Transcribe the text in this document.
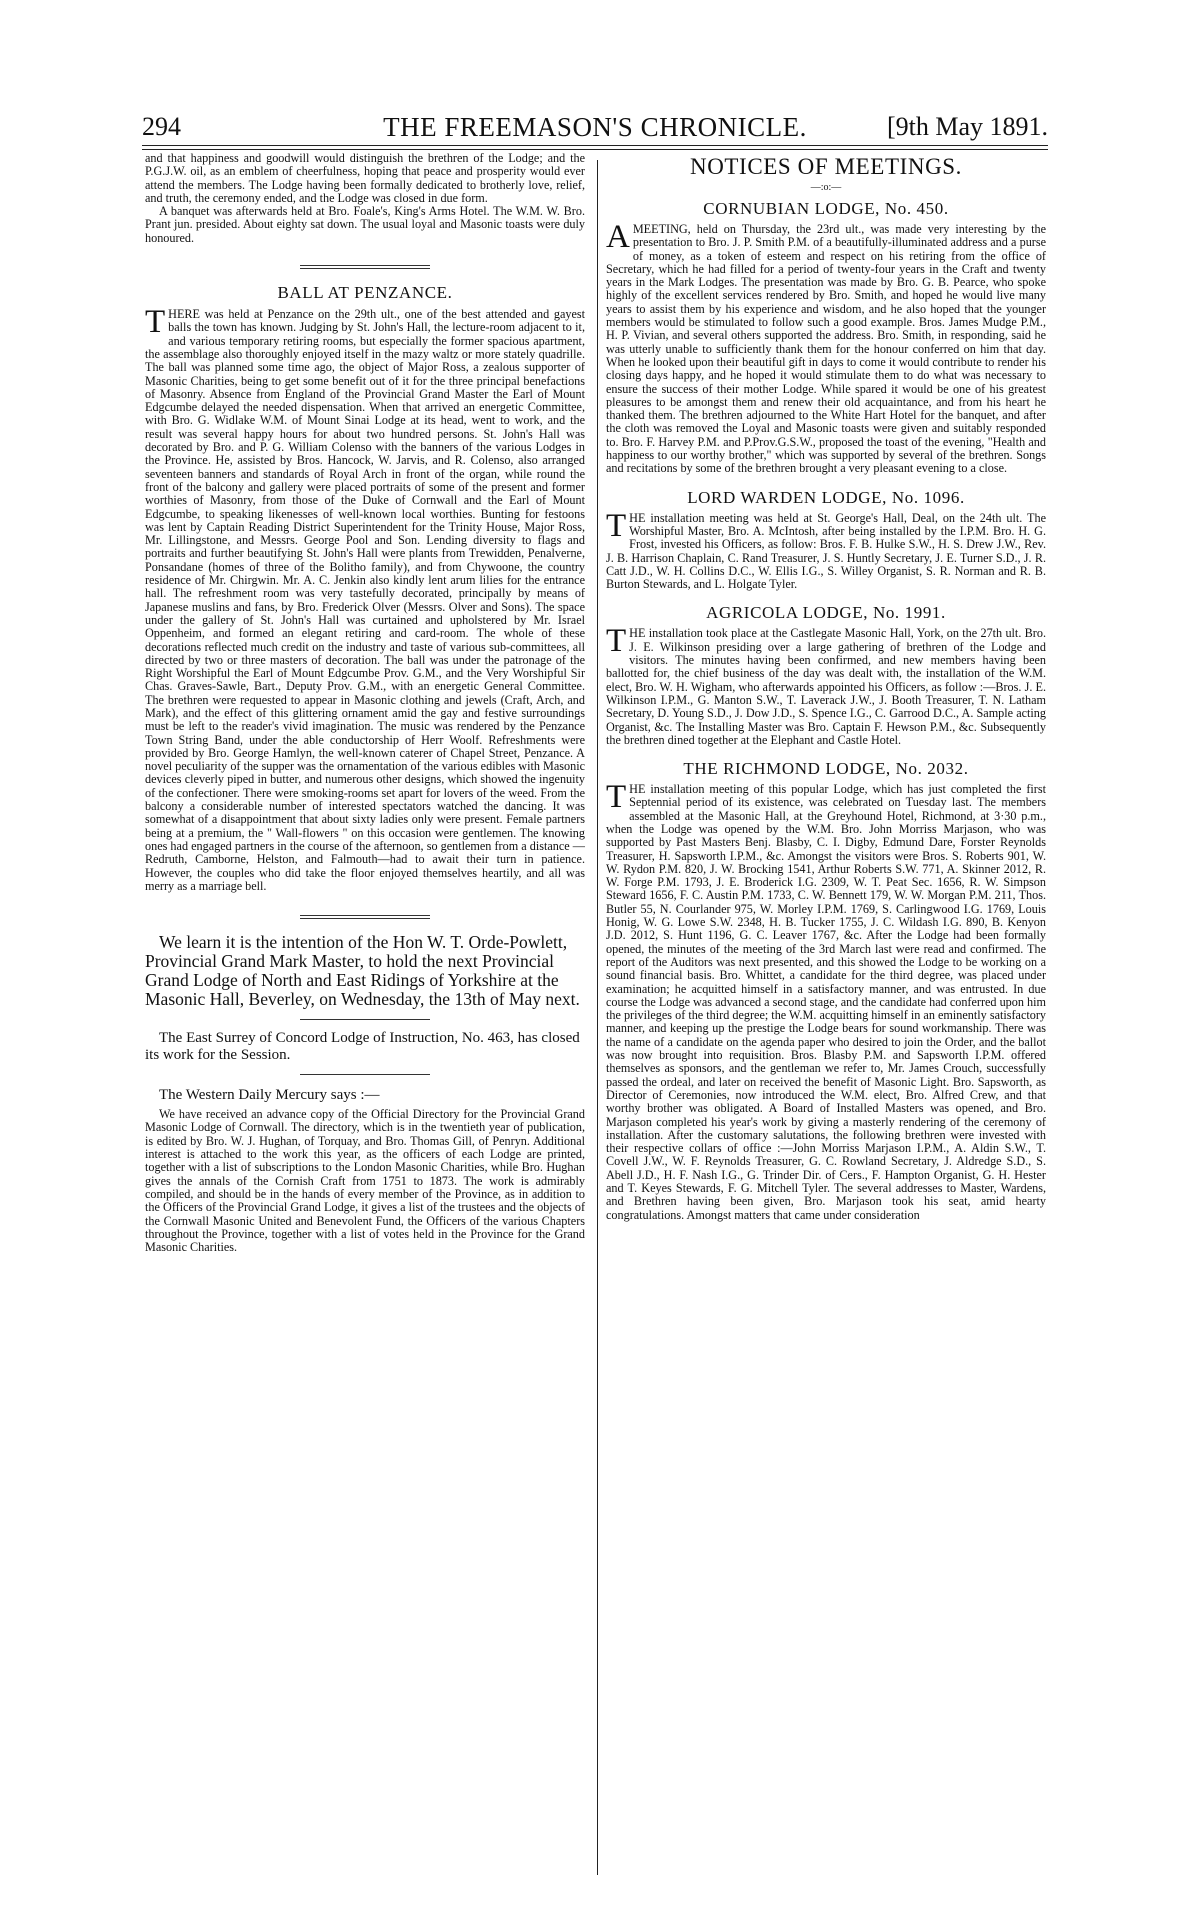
294	THE FREEMASON'S CHRONICLE.	[9th May 1891.

and that happiness and goodwill would distinguish the brethren of the Lodge; and the P.G.J.W. oil, as an emblem of cheerfulness, hoping that peace and prosperity would ever attend the members. The Lodge having been formally dedicated to brotherly love, relief, and truth, the ceremony ended, and the Lodge was closed in due form.

A banquet was afterwards held at Bro. Foale's, King's Arms Hotel. The W.M. W. Bro. Prant jun. presided. About eighty sat down. The usual loyal and Masonic toasts were duly honoured.

BALL AT PENZANCE.

THERE was held at Penzance on the 29th ult., one of the best attended and gayest balls the town has known. Judging by St. John's Hall, the lecture-room adjacent to it, and various temporary retiring rooms, but especially the former spacious apartment, the assemblage also thoroughly enjoyed itself in the mazy waltz or more stately quadrille. The ball was planned some time ago, the object of Major Ross, a zealous supporter of Masonic Charities, being to get some benefit out of it for the three principal benefactions of Masonry. Absence from England of the Provincial Grand Master the Earl of Mount Edgcumbe delayed the needed dispensation. When that arrived an energetic Committee, with Bro. G. Widlake W.M. of Mount Sinai Lodge at its head, went to work, and the result was several happy hours for about two hundred persons. St. John's Hall was decorated by Bro. and P. G. William Colenso with the banners of the various Lodges in the Province. He, assisted by Bros. Hancock, W. Jarvis, and R. Colenso, also arranged seventeen banners and standards of Royal Arch in front of the organ, while round the front of the balcony and gallery were placed portraits of some of the present and former worthies of Masonry, from those of the Duke of Cornwall and the Earl of Mount Edgcumbe, to speaking likenesses of well-known local worthies. Bunting for festoons was lent by Captain Reading District Superintendent for the Trinity House, Major Ross, Mr. Lillingstone, and Messrs. George Pool and Son. Lending diversity to flags and portraits and further beautifying St. John's Hall were plants from Trewidden, Penalverne, Ponsandane (homes of three of the Bolitho family), and from Chywoone, the country residence of Mr. Chirgwin. Mr. A. C. Jenkin also kindly lent arum lilies for the entrance hall. The refreshment room was very tastefully decorated, principally by means of Japanese muslins and fans, by Bro. Frederick Olver (Messrs. Olver and Sons). The space under the gallery of St. John's Hall was curtained and upholstered by Mr. Israel Oppenheim, and formed an elegant retiring and card-room. The whole of these decorations reflected much credit on the industry and taste of various sub-committees, all directed by two or three masters of decoration. The ball was under the patronage of the Right Worshipful the Earl of Mount Edgcumbe Prov. G.M., and the Very Worshipful Sir Chas. Graves-Sawle, Bart., Deputy Prov. G.M., with an energetic General Committee. The brethren were requested to appear in Masonic clothing and jewels (Craft, Arch, and Mark), and the effect of this glittering ornament amid the gay and festive surroundings must be left to the reader's vivid imagination. The music was rendered by the Penzance Town String Band, under the able conductorship of Herr Woolf. Refreshments were provided by Bro. George Hamlyn, the well-known caterer of Chapel Street, Penzance. A novel peculiarity of the supper was the ornamentation of the various edibles with Masonic devices cleverly piped in butter, and numerous other designs, which showed the ingenuity of the confectioner. There were smoking-rooms set apart for lovers of the weed. From the balcony a considerable number of interested spectators watched the dancing. It was somewhat of a disappointment that about sixty ladies only were present. Female partners being at a premium, the " Wall-flowers " on this occasion were gentlemen. The knowing ones had engaged partners in the course of the afternoon, so gentlemen from a distance —Redruth, Camborne, Helston, and Falmouth—had to await their turn in patience. However, the couples who did take the floor enjoyed themselves heartily, and all was merry as a marriage bell.

We learn it is the intention of the Hon W. T. Orde-Powlett, Provincial Grand Mark Master, to hold the next Provincial Grand Lodge of North and East Ridings of Yorkshire at the Masonic Hall, Beverley, on Wednesday, the 13th of May next.

The East Surrey of Concord Lodge of Instruction, No. 463, has closed its work for the Session.

The Western Daily Mercury says :—

We have received an advance copy of the Official Directory for the Provincial Grand Masonic Lodge of Cornwall. The directory, which is in the twentieth year of publication, is edited by Bro. W. J. Hughan, of Torquay, and Bro. Thomas Gill, of Penryn. Additional interest is attached to the work this year, as the officers of each Lodge are printed, together with a list of subscriptions to the London Masonic Charities, while Bro. Hughan gives the annals of the Cornish Craft from 1751 to 1873. The work is admirably compiled, and should be in the hands of every member of the Province, as in addition to the Officers of the Provincial Grand Lodge, it gives a list of the trustees and the objects of the Cornwall Masonic United and Benevolent Fund, the Officers of the various Chapters throughout the Province, together with a list of votes held in the Province for the Grand Masonic Charities.

NOTICES OF MEETINGS.
—:o:—
CORNUBIAN LODGE, No. 450.

AMEETING, held on Thursday, the 23rd ult., was made very interesting by the presentation to Bro. J. P. Smith P.M. of a beautifully-illuminated address and a purse of money, as a token of esteem and respect on his retiring from the office of Secretary, which he had filled for a period of twenty-four years in the Craft and twenty years in the Mark Lodges. The presentation was made by Bro. G. B. Pearce, who spoke highly of the excellent services rendered by Bro. Smith, and hoped he would live many years to assist them by his experience and wisdom, and he also hoped that the younger members would be stimulated to follow such a good example. Bros. James Mudge P.M., H. P. Vivian, and several others supported the address. Bro. Smith, in responding, said he was utterly unable to sufficiently thank them for the honour conferred on him that day. When he looked upon their beautiful gift in days to come it would contribute to render his closing days happy, and he hoped it would stimulate them to do what was necessary to ensure the success of their mother Lodge. While spared it would be one of his greatest pleasures to be amongst them and renew their old acquaintance, and from his heart he thanked them. The brethren adjourned to the White Hart Hotel for the banquet, and after the cloth was removed the Loyal and Masonic toasts were given and suitably responded to. Bro. F. Harvey P.M. and P.Prov.G.S.W., proposed the toast of the evening, "Health and happiness to our worthy brother," which was supported by several of the brethren. Songs and recitations by some of the brethren brought a very pleasant evening to a close.

LORD WARDEN LODGE, No. 1096.

THE installation meeting was held at St. George's Hall, Deal, on the 24th ult. The Worshipful Master, Bro. A. McIntosh, after being installed by the I.P.M. Bro. H. G. Frost, invested his Officers, as follow: Bros. F. B. Hulke S.W., H. S. Drew J.W., Rev. J. B. Harrison Chaplain, C. Rand Treasurer, J. S. Huntly Secretary, J. E. Turner S.D., J. R. Catt J.D., W. H. Collins D.C., W. Ellis I.G., S. Willey Organist, S. R. Norman and R. B. Burton Stewards, and L. Holgate Tyler.

AGRICOLA LODGE, No. 1991.

THE installation took place at the Castlegate Masonic Hall, York, on the 27th ult. Bro. J. E. Wilkinson presiding over a large gathering of brethren of the Lodge and visitors. The minutes having been confirmed, and new members having been ballotted for, the chief business of the day was dealt with, the installation of the W.M. elect, Bro. W. H. Wigham, who afterwards appointed his Officers, as follow :—Bros. J. E. Wilkinson I.P.M., G. Manton S.W., T. Laverack J.W., J. Booth Treasurer, T. N. Latham Secretary, D. Young S.D., J. Dow J.D., S. Spence I.G., C. Garrood D.C., A. Sample acting Organist, &c. The Installing Master was Bro. Captain F. Hewson P.M., &c. Subsequently the brethren dined together at the Elephant and Castle Hotel.

THE RICHMOND LODGE, No. 2032.

THE installation meeting of this popular Lodge, which has just completed the first Septennial period of its existence, was celebrated on Tuesday last. The members assembled at the Masonic Hall, at the Greyhound Hotel, Richmond, at 3·30 p.m., when the Lodge was opened by the W.M. Bro. John Morriss Marjason, who was supported by Past Masters Benj. Blasby, C. I. Digby, Edmund Dare, Forster Reynolds Treasurer, H. Sapsworth I.P.M., &c. Amongst the visitors were Bros. S. Roberts 901, W. W. Rydon P.M. 820, J. W. Brocking 1541, Arthur Roberts S.W. 771, A. Skinner 2012, R. W. Forge P.M. 1793, J. E. Broderick I.G. 2309, W. T. Peat Sec. 1656, R. W. Simpson Steward 1656, F. C. Austin P.M. 1733, C. W. Bennett 179, W. W. Morgan P.M. 211, Thos. Butler 55, N. Courlander 975, W. Morley I.P.M. 1769, S. Carlingwood I.G. 1769, Louis Honig, W. G. Lowe S.W. 2348, H. B. Tucker 1755, J. C. Wildash I.G. 890, B. Kenyon J.D. 2012, S. Hunt 1196, G. C. Leaver 1767, &c. After the Lodge had been formally opened, the minutes of the meeting of the 3rd March last were read and confirmed. The report of the Auditors was next presented, and this showed the Lodge to be working on a sound financial basis. Bro. Whittet, a candidate for the third degree, was placed under examination; he acquitted himself in a satisfactory manner, and was entrusted. In due course the Lodge was advanced a second stage, and the candidate had conferred upon him the privileges of the third degree; the W.M. acquitting himself in an eminently satisfactory manner, and keeping up the prestige the Lodge bears for sound workmanship. There was the name of a candidate on the agenda paper who desired to join the Order, and the ballot was now brought into requisition. Bros. Blasby P.M. and Sapsworth I.P.M. offered themselves as sponsors, and the gentleman we refer to, Mr. James Crouch, successfully passed the ordeal, and later on received the benefit of Masonic Light. Bro. Sapsworth, as Director of Ceremonies, now introduced the W.M. elect, Bro. Alfred Crew, and that worthy brother was obligated. A Board of Installed Masters was opened, and Bro. Marjason completed his year's work by giving a masterly rendering of the ceremony of installation. After the customary salutations, the following brethren were invested with their respective collars of office :—John Morriss Marjason I.P.M., A. Aldin S.W., T. Covell J.W., W. F. Reynolds Treasurer, G. C. Rowland Secretary, J. Aldredge S.D., S. Abell J.D., H. F. Nash I.G., G. Trinder Dir. of Cers., F. Hampton Organist, G. H. Hester and T. Keyes Stewards, F. G. Mitchell Tyler. The several addresses to Master, Wardens, and Brethren having been given, Bro. Marjason took his seat, amid hearty congratulations. Amongst matters that came under consideration
